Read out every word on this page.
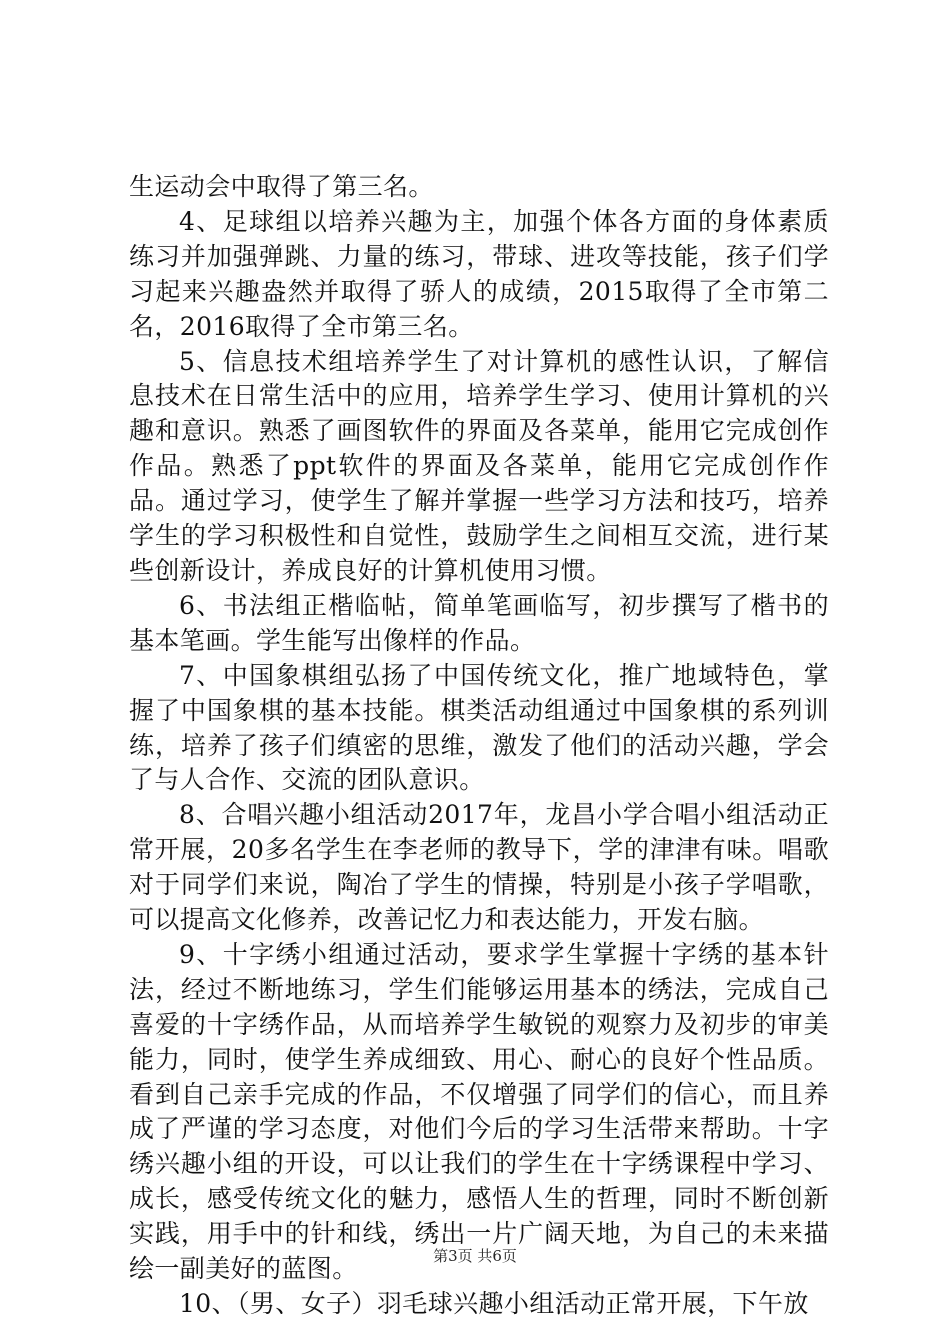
生运动会中取得了第三名。

4、足球组以培养兴趣为主，加强个体各方面的身体素质练习并加强弹跳、力量的练习，带球、进攻等技能，孩子们学习起来兴趣盎然并取得了骄人的成绩，2015取得了全市第二名，2016取得了全市第三名。

5、信息技术组培养学生了对计算机的感性认识，了解信息技术在日常生活中的应用，培养学生学习、使用计算机的兴趣和意识。熟悉了画图软件的界面及各菜单，能用它完成创作作品。熟悉了ppt软件的界面及各菜单，能用它完成创作作品。通过学习，使学生了解并掌握一些学习方法和技巧，培养学生的学习积极性和自觉性，鼓励学生之间相互交流，进行某些创新设计，养成良好的计算机使用习惯。

6、书法组正楷临帖，简单笔画临写，初步撰写了楷书的基本笔画。学生能写出像样的作品。

7、中国象棋组弘扬了中国传统文化，推广地域特色，掌握了中国象棋的基本技能。棋类活动组通过中国象棋的系列训练，培养了孩子们缜密的思维，激发了他们的活动兴趣，学会了与人合作、交流的团队意识。

8、合唱兴趣小组活动2017年，龙昌小学合唱小组活动正常开展，20多名学生在李老师的教导下，学的津津有味。唱歌对于同学们来说，陶冶了学生的情操，特别是小孩子学唱歌，可以提高文化修养，改善记忆力和表达能力，开发右脑。

9、十字绣小组通过活动，要求学生掌握十字绣的基本针法，经过不断地练习，学生们能够运用基本的绣法，完成自己喜爱的十字绣作品，从而培养学生敏锐的观察力及初步的审美能力，同时，使学生养成细致、用心、耐心的良好个性品质。看到自己亲手完成的作品，不仅增强了同学们的信心，而且养成了严谨的学习态度，对他们今后的学习生活带来帮助。十字绣兴趣小组的开设，可以让我们的学生在十字绣课程中学习、成长，感受传统文化的魅力，感悟人生的哲理，同时不断创新实践，用手中的针和线，绣出一片广阔天地，为自己的未来描绘一副美好的蓝图。

10、（男、女子）羽毛球兴趣小组活动正常开展，下午放

第3页 共6页
